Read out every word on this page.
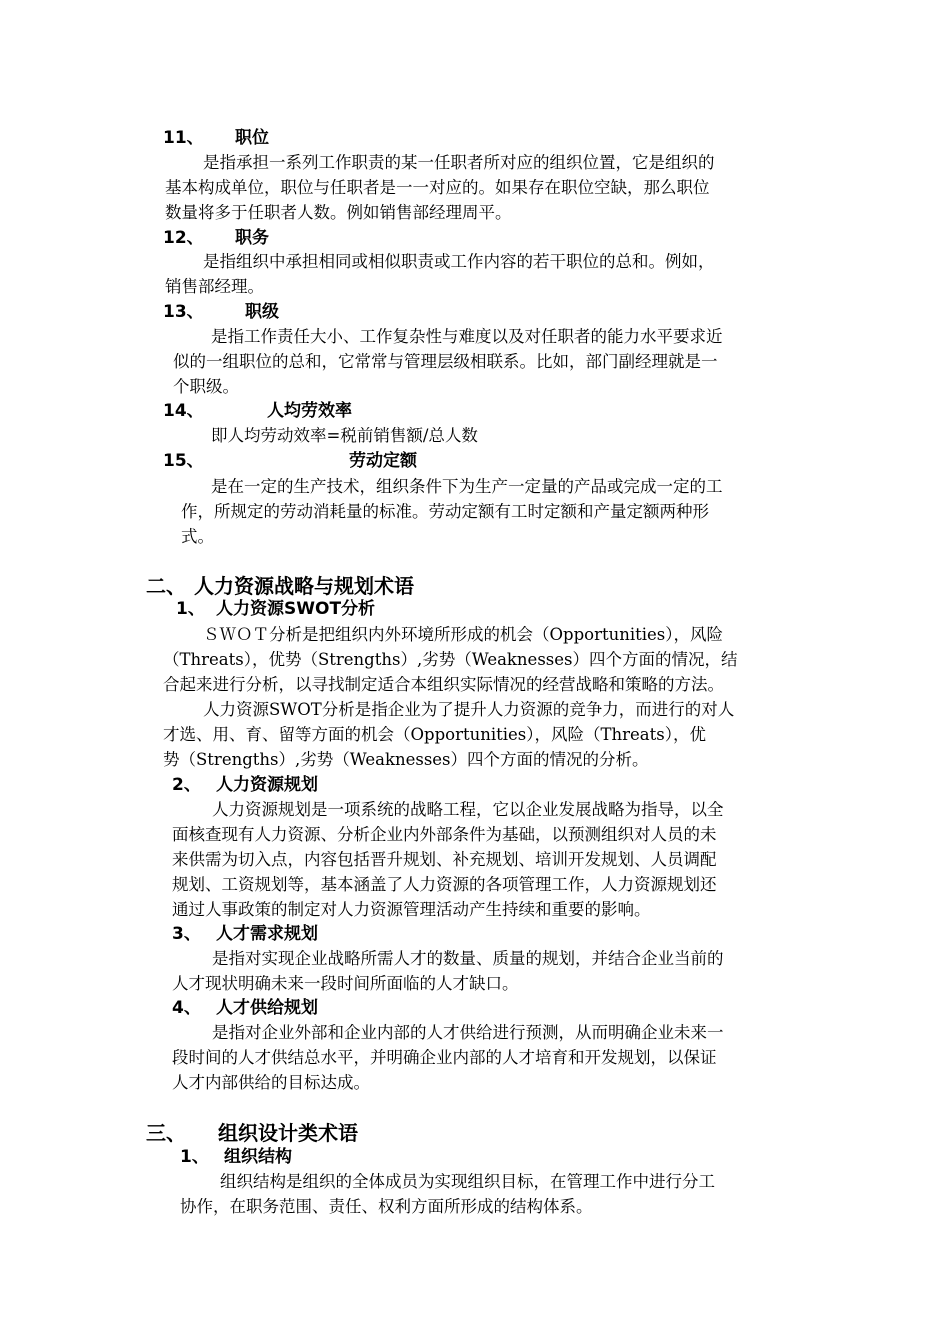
11、 职位
是指承担一系列工作职责的某一任职者所对应的组织位置，它是组织的
基本构成单位，职位与任职者是一一对应的。如果存在职位空缺，那么职位
数量将多于任职者人数。例如销售部经理周平。
12、 职务
是指组织中承担相同或相似职责或工作内容的若干职位的总和。例如，
销售部经理。
13、 职级
是指工作责任大小、工作复杂性与难度以及对任职者的能力水平要求近
似的一组职位的总和，它常常与管理层级相联系。比如，部门副经理就是一
个职级。
14、	人均劳效率
即人均劳动效率=税前销售额/总人数
15、	劳动定额
是在一定的生产技术，组织条件下为生产一定量的产品或完成一定的工
作，所规定的劳动消耗量的标准。劳动定额有工时定额和产量定额两种形
式。
二、 人力资源战略与规划术语
1、 人力资源SWOT分析
ＳＷＯＴ分析是把组织内外环境所形成的机会（Opportunities），风险
（Threats），优势（Strengths）,劣势（Weaknesses）四个方面的情况，结
合起来进行分析，以寻找制定适合本组织实际情况的经营战略和策略的方法。
人力资源SWOT分析是指企业为了提升人力资源的竞争力，而进行的对人
才选、用、育、留等方面的机会（Opportunities），风险（Threats），优
势（Strengths）,劣势（Weaknesses）四个方面的情况的分析。
2、 人力资源规划
人力资源规划是一项系统的战略工程，它以企业发展战略为指导，以全
面核查现有人力资源、分析企业内外部条件为基础，以预测组织对人员的未
来供需为切入点，内容包括晋升规划、补充规划、培训开发规划、人员调配
规划、工资规划等，基本涵盖了人力资源的各项管理工作，人力资源规划还
通过人事政策的制定对人力资源管理活动产生持续和重要的影响。
3、 人才需求规划
是指对实现企业战略所需人才的数量、质量的规划，并结合企业当前的
人才现状明确未来一段时间所面临的人才缺口。
4、 人才供给规划
是指对企业外部和企业内部的人才供给进行预测，从而明确企业未来一
段时间的人才供结总水平，并明确企业内部的人才培育和开发规划，以保证
人才内部供给的目标达成。
三、 组织设计类术语
1、 组织结构
组织结构是组织的全体成员为实现组织目标，在管理工作中进行分工
协作，在职务范围、责任、权利方面所形成的结构体系。
